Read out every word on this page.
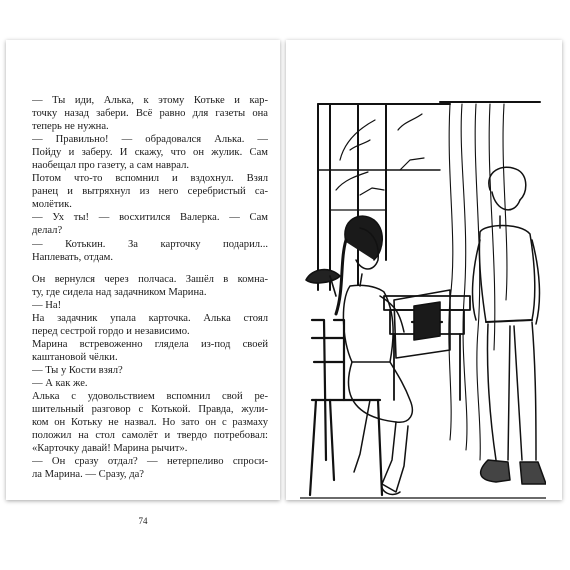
— Ты иди, Алька, к этому Котьке и кар-
точку назад забери. Всё равно для газеты она
теперь не нужна.
— Правильно! — обрадовался Алька. —
Пойду и заберу. И скажу, что он жулик. Сам
наобещал про газету, а сам наврал.
Потом что-то вспомнил и вздохнул. Взял
ранец и вытряхнул из него серебристый са-
молётик.
— Ух ты! — восхитился Валерка. — Сам
делал?
— Котькин. За карточку подарил...
Наплевать, отдам.
Он вернулся через полчаса. Зашёл в комна-
ту, где сидела над задачником Марина.
— На!
На задачник упала карточка. Алька стоял
перед сестрой гордо и независимо.
Марина встревоженно глядела из-под своей
каштановой чёлки.
— Ты у Кости взял?
— А как же.
Алька с удовольствием вспомнил свой ре-
шительный разговор с Котькой. Правда, жули-
ком он Котьку не назвал. Но зато он с размаху
положил на стол самолёт и твердо потребовал:
«Карточку давай! Марина рычит».
— Он сразу отдал? — нетерпеливо спроси-
ла Марина. — Сразу, да?
74
